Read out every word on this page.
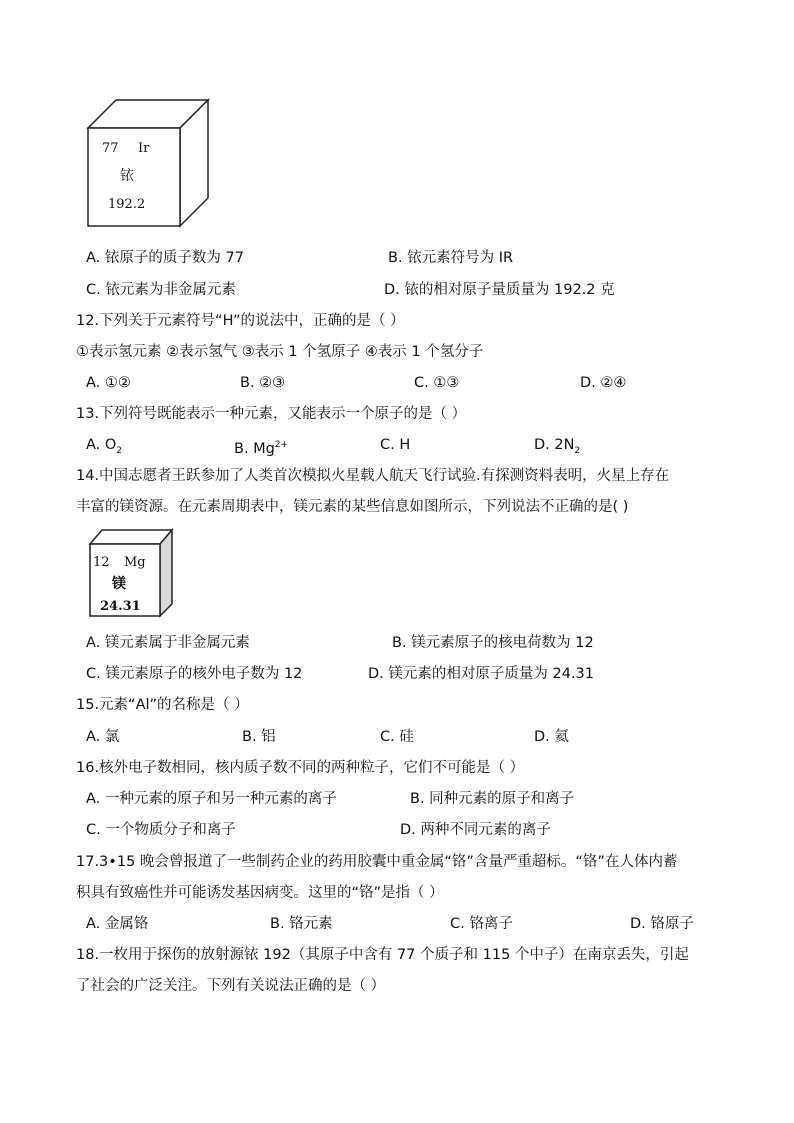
77 Ir
铱
192.2
A. 铱原子的质子数为 77	B. 铱元素符号为 IR
C. 铱元素为非金属元素	D. 铱的相对原子量质量为 192.2 克
12.下列关于元素符号“H”的说法中，正确的是（ ）
①表示氢元素 ②表示氢气 ③表示 1 个氢原子 ④表示 1 个氢分子
A. ①②	B. ②③	C. ①③	D. ②④
13.下列符号既能表示一种元素，又能表示一个原子的是（ ）
A. $O_2$	B. $Mg^{2+}$	C. H	D. $2N_2$
14.中国志愿者王跃参加了人类首次模拟火星载人航天飞行试验.有探测资料表明，火星上存在
丰富的镁资源。在元素周期表中，镁元素的某些信息如图所示，下列说法不正确的是( )
12 Mg
镁
24.31
A. 镁元素属于非金属元素	B. 镁元素原子的核电荷数为 12
C. 镁元素原子的核外电子数为 12	D. 镁元素的相对原子质量为 24.31
15.元素“Al”的名称是（ ）
A. 氯	B. 铝	C. 硅	D. 氦
16.核外电子数相同，核内质子数不同的两种粒子，它们不可能是（ ）
A. 一种元素的原子和另一种元素的离子	B. 同种元素的原子和离子
C. 一个物质分子和离子	D. 两种不同元素的离子
17.3•15 晚会曾报道了一些制药企业的药用胶囊中重金属“铬”含量严重超标。“铬”在人体内蓄
积具有致癌性并可能诱发基因病变。这里的“铬”是指（ ）
A. 金属铬	B. 铬元素	C. 铬离子	D. 铬原子
18.一枚用于探伤的放射源铱 192（其原子中含有 77 个质子和 115 个中子）在南京丢失，引起
了社会的广泛关注。下列有关说法正确的是（ ）
